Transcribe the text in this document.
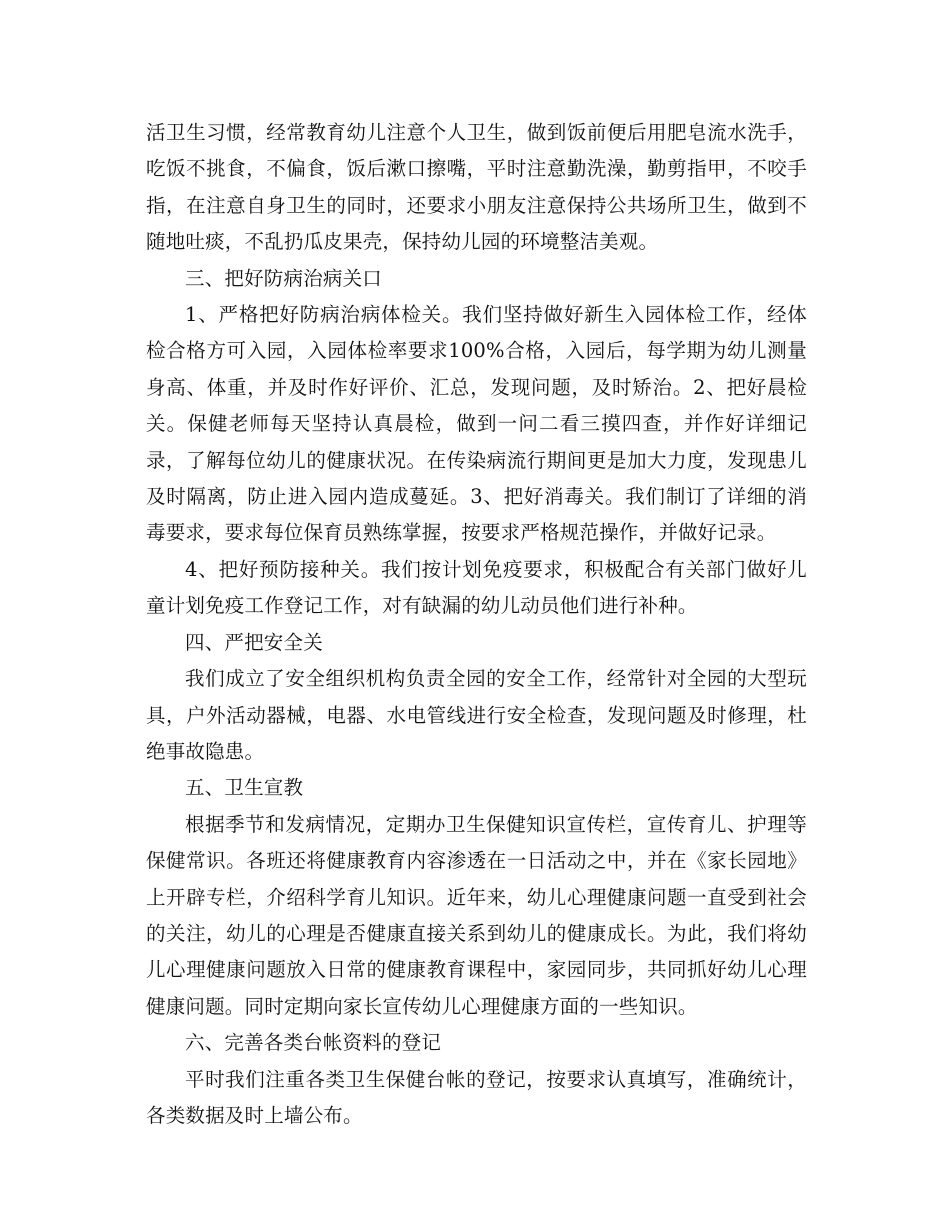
活卫生习惯，经常教育幼儿注意个人卫生，做到饭前便后用肥皂流水洗手，吃饭不挑食，不偏食，饭后漱口擦嘴，平时注意勤洗澡，勤剪指甲，不咬手指，在注意自身卫生的同时，还要求小朋友注意保持公共场所卫生，做到不随地吐痰，不乱扔瓜皮果壳，保持幼儿园的环境整洁美观。

三、把好防病治病关口

1、严格把好防病治病体检关。我们坚持做好新生入园体检工作，经体检合格方可入园，入园体检率要求100%合格，入园后，每学期为幼儿测量身高、体重，并及时作好评价、汇总，发现问题，及时矫治。2、把好晨检关。保健老师每天坚持认真晨检，做到一问二看三摸四查，并作好详细记录，了解每位幼儿的健康状况。在传染病流行期间更是加大力度，发现患儿及时隔离，防止进入园内造成蔓延。3、把好消毒关。我们制订了详细的消毒要求，要求每位保育员熟练掌握，按要求严格规范操作，并做好记录。

4、把好预防接种关。我们按计划免疫要求，积极配合有关部门做好儿童计划免疫工作登记工作，对有缺漏的幼儿动员他们进行补种。

四、严把安全关

我们成立了安全组织机构负责全园的安全工作，经常针对全园的大型玩具，户外活动器械，电器、水电管线进行安全检查，发现问题及时修理，杜绝事故隐患。

五、卫生宣教

根据季节和发病情况，定期办卫生保健知识宣传栏，宣传育儿、护理等保健常识。各班还将健康教育内容渗透在一日活动之中，并在《家长园地》上开辟专栏，介绍科学育儿知识。近年来，幼儿心理健康问题一直受到社会的关注，幼儿的心理是否健康直接关系到幼儿的健康成长。为此，我们将幼儿心理健康问题放入日常的健康教育课程中，家园同步，共同抓好幼儿心理健康问题。同时定期向家长宣传幼儿心理健康方面的一些知识。

六、完善各类台帐资料的登记

平时我们注重各类卫生保健台帐的登记，按要求认真填写，准确统计，各类数据及时上墙公布。
